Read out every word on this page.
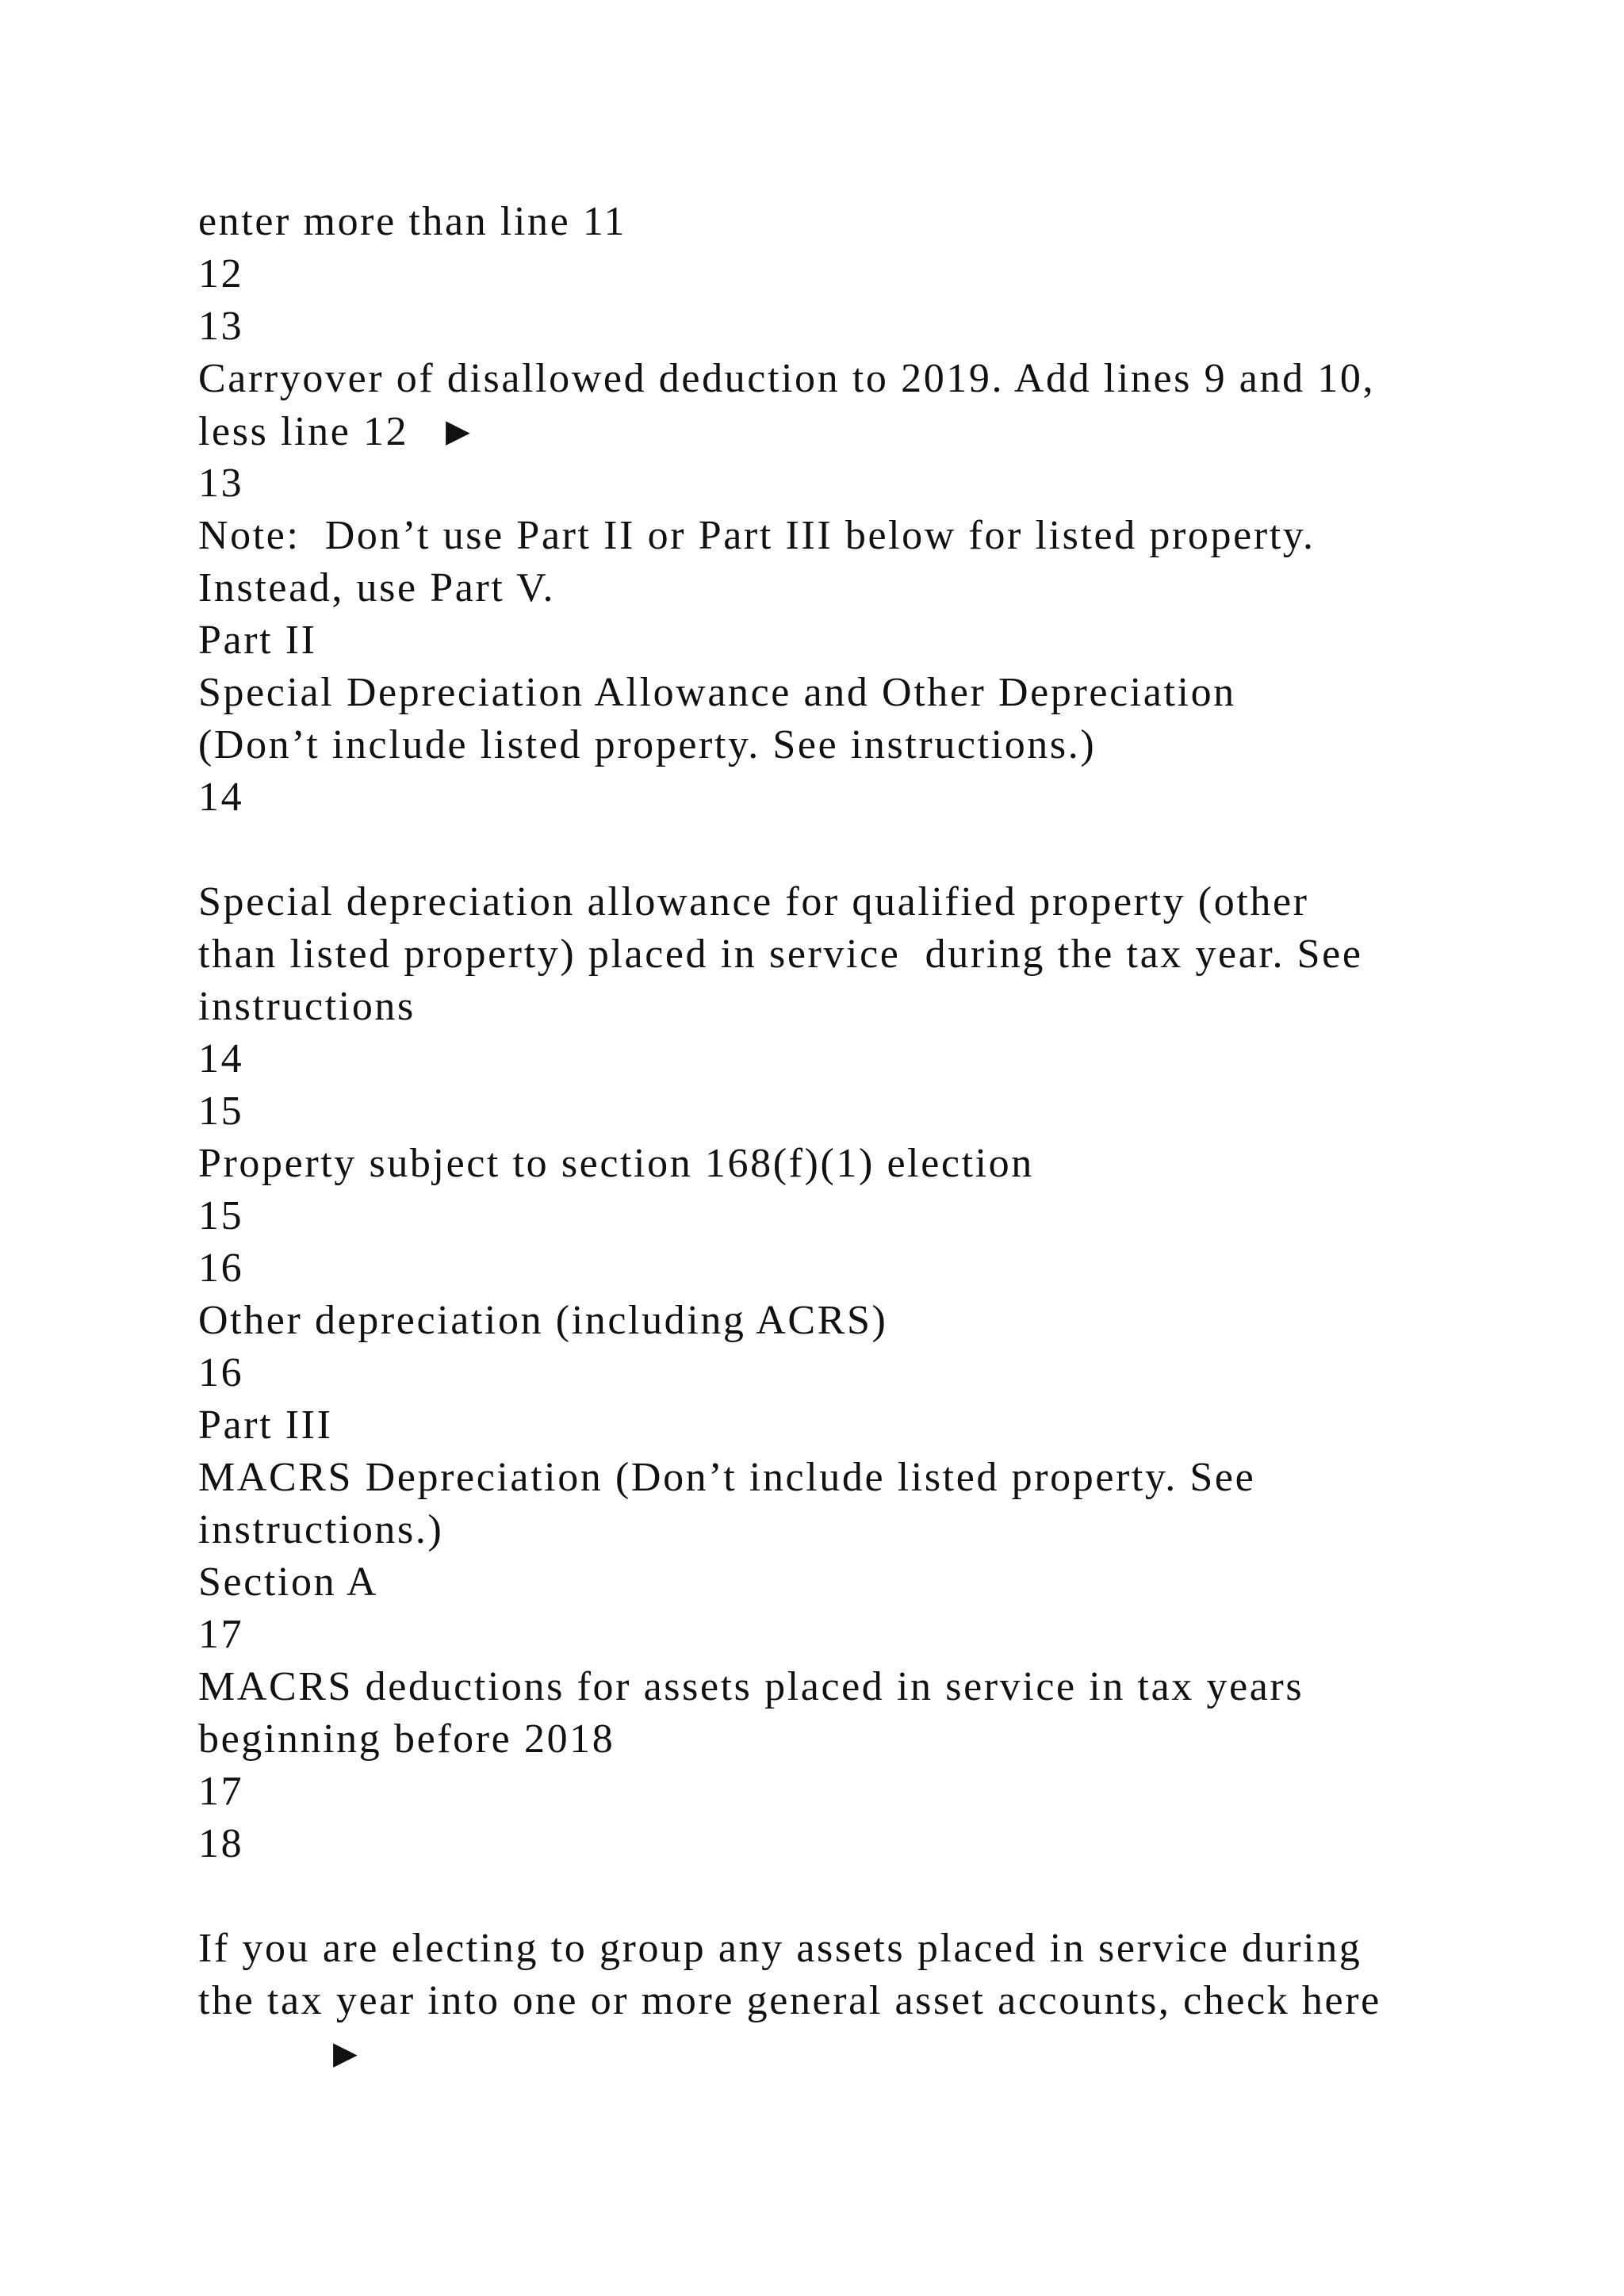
enter more than line 11
12
13
Carryover of disallowed deduction to 2019. Add lines 9 and 10,
less line 12 ▶
13
Note:  Don’t use Part II or Part III below for listed property.
Instead, use Part V.
Part II
Special Depreciation Allowance and Other Depreciation
(Don’t include listed property. See instructions.)
14
Special depreciation allowance for qualified property (other
than listed property) placed in service  during the tax year. See
instructions
14
15
Property subject to section 168(f)(1) election
15
16
Other depreciation (including ACRS)
16
Part III
MACRS Depreciation (Don’t include listed property. See
instructions.)
Section A
17
MACRS deductions for assets placed in service in tax years
beginning before 2018
17
18
If you are electing to group any assets placed in service during
the tax year into one or more general asset accounts, check here
▶
